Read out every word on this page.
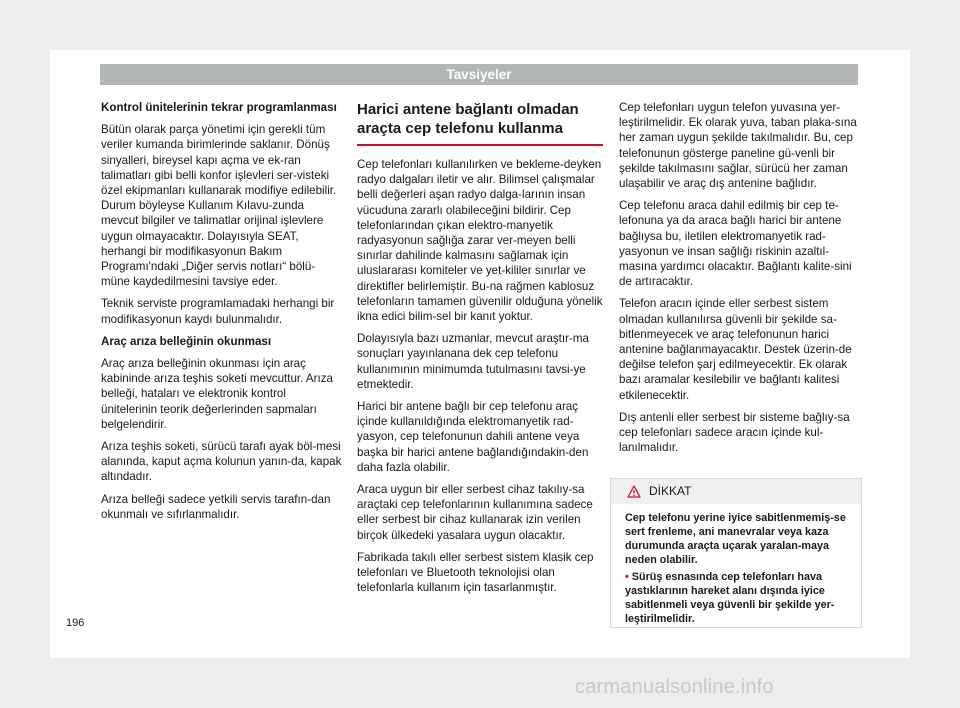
Tavsiyeler

Kontrol ünitelerinin tekrar programlanması

Bütün olarak parça yönetimi için gerekli tüm veriler kumanda birimlerinde saklanır. Dönüş sinyalleri, bireysel kapı açma ve ek-ran talimatları gibi belli konfor işlevleri ser-visteki özel ekipmanları kullanarak modifiye edilebilir. Durum böyleyse Kullanım Kılavu-zunda mevcut bilgiler ve talimatlar orijinal işlevlere uygun olmayacaktır. Dolayısıyla SEAT, herhangi bir modifikasyonun Bakım Programı'ndaki „Diğer servis notları“ bölü-müne kaydedilmesini tavsiye eder.

Teknik serviste programlamadaki herhangi bir modifikasyonun kaydı bulunmalıdır.

Araç arıza belleğinin okunması

Araç arıza belleğinin okunması için araç kabininde arıza teşhis soketi mevcuttur. Arıza belleği, hataları ve elektronik kontrol ünitelerinin teorik değerlerinden sapmaları belgelendirir.

Arıza teşhis soketi, sürücü tarafı ayak böl-mesi alanında, kaput açma kolunun yanın-da, kapak altındadır.

Arıza belleği sadece yetkili servis tarafın-dan okunmalı ve sıfırlanmalıdır.

Harici antene bağlantı olmadan araçta cep telefonu kullanma

Cep telefonları kullanılırken ve bekleme-deyken radyo dalgaları iletir ve alır. Bilimsel çalışmalar belli değerleri aşan radyo dalga-larının insan vücuduna zararlı olabileceğini bildirir. Cep telefonlarından çıkan elektro-manyetik radyasyonun sağlığa zarar ver-meyen belli sınırlar dahilinde kalmasını sağlamak için uluslararası komiteler ve yet-kililer sınırlar ve direktifler belirlemiştir. Bu-na rağmen kablosuz telefonların tamamen güvenilir olduğuna yönelik ikna edici bilim-sel bir kanıt yoktur.

Dolayısıyla bazı uzmanlar, mevcut araştır-ma sonuçları yayınlanana dek cep telefonu kullanımının minimumda tutulmasını tavsi-ye etmektedir.

Harici bir antene bağlı bir cep telefonu araç içinde kullanıldığında elektromanyetik rad-yasyon, cep telefonunun dahili antene veya başka bir harici antene bağlandığındakin-den daha fazla olabilir.

Araca uygun bir eller serbest cihaz takılıy-sa araçtaki cep telefonlarının kullanımına sadece eller serbest bir cihaz kullanarak izin verilen birçok ülkedeki yasalara uygun olacaktır.

Fabrikada takılı eller serbest sistem klasik cep telefonları ve Bluetooth teknolojisi olan telefonlarla kullanım için tasarlanmıştır.

Cep telefonları uygun telefon yuvasına yer-leştirilmelidir. Ek olarak yuva, taban plaka-sına her zaman uygun şekilde takılmalıdır. Bu, cep telefonunun gösterge paneline gü-venli bir şekilde takılmasını sağlar, sürücü her zaman ulaşabilir ve araç dış antenine bağlıdır.

Cep telefonu araca dahil edilmiş bir cep te-lefonuna ya da araca bağlı harici bir antene bağlıysa bu, iletilen elektromanyetik rad-yasyonun ve insan sağlığı riskinin azaltıl-masına yardımcı olacaktır. Bağlantı kalite-sini de artıracaktır.

Telefon aracın içinde eller serbest sistem olmadan kullanılırsa güvenli bir şekilde sa-bitlenmeyecek ve araç telefonunun harici antenine bağlanmayacaktır. Destek üzerin-de değilse telefon şarj edilmeyecektir. Ek olarak bazı aramalar kesilebilir ve bağlantı kalitesi etkilenecektir.

Dış antenli eller serbest bir sisteme bağlıy-sa cep telefonları sadece aracın içinde kul-lanılmalıdır.

DİKKAT

Cep telefonu yerine iyice sabitlenmemiş-se sert frenleme, ani manevralar veya kaza durumunda araçta uçarak yaralan-maya neden olabilir.

• Sürüş esnasında cep telefonları hava yastıklarının hareket alanı dışında iyice sabitlenmeli veya güvenli bir şekilde yer-leştirilmelidir.

196
carmanualsonline.info
